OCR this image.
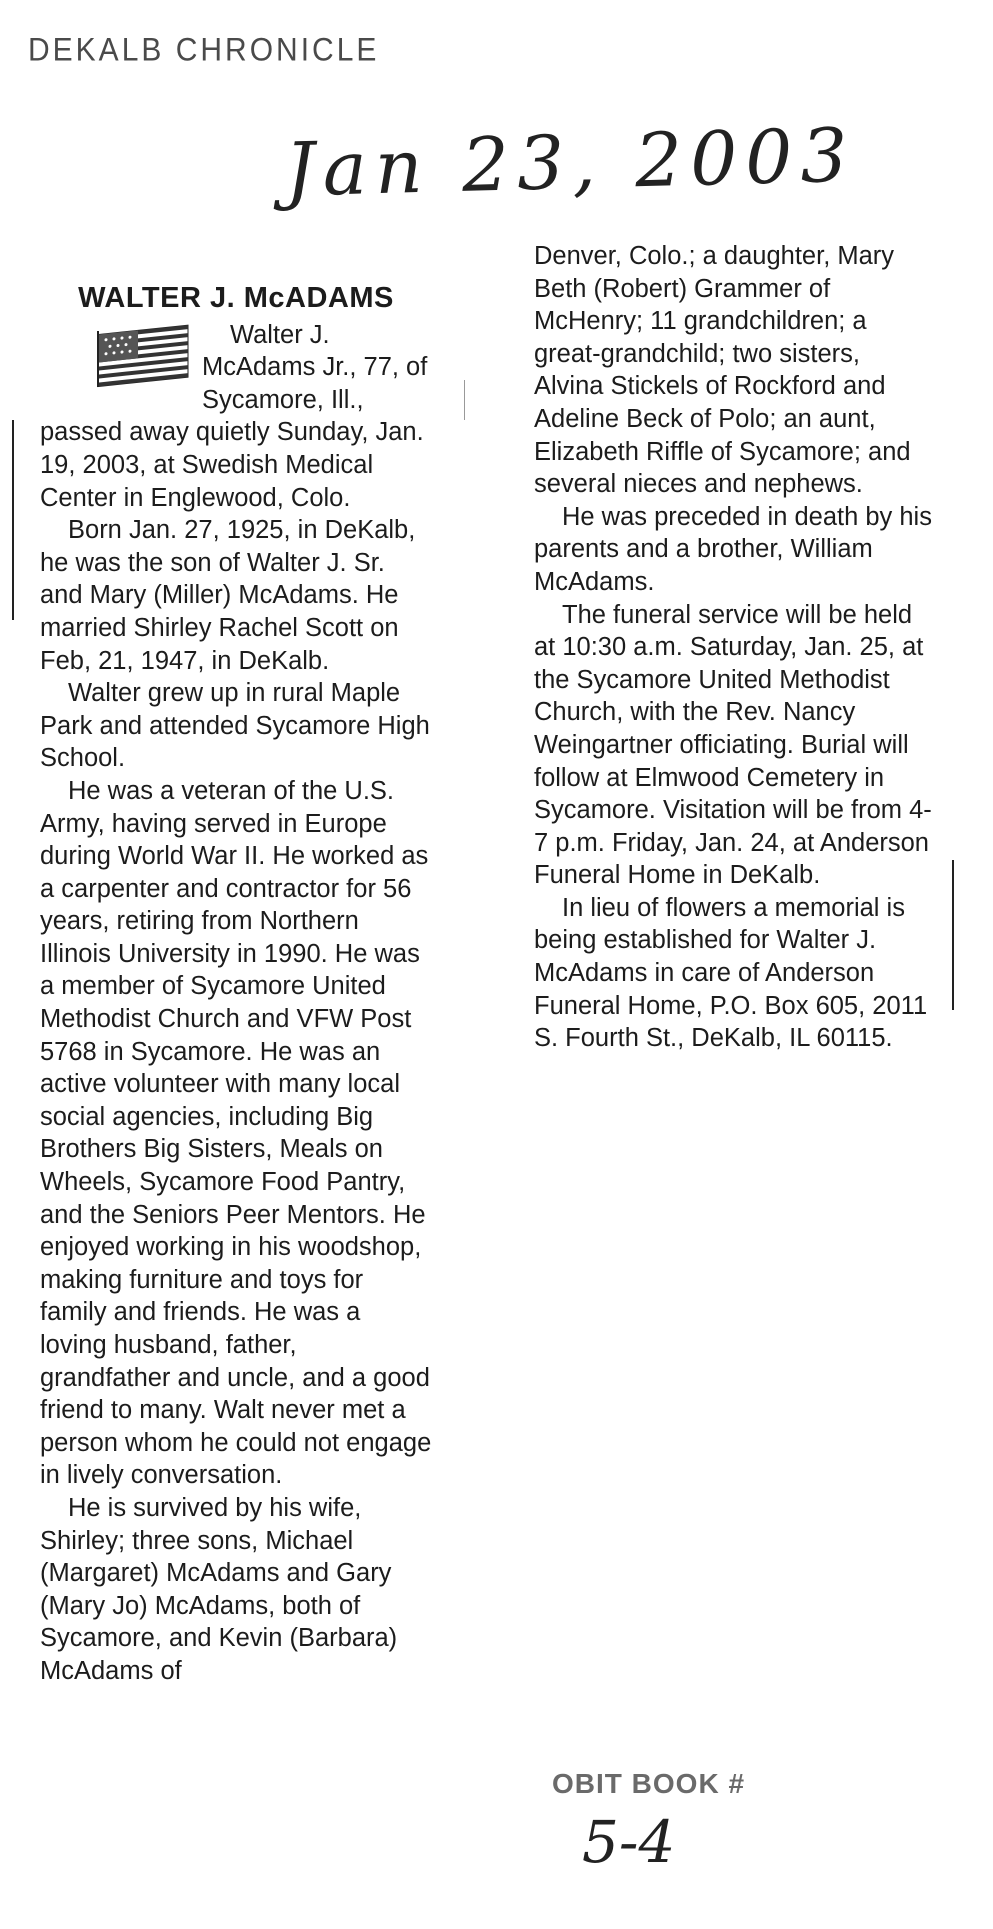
DEKALB CHRONICLE
Jan 23, 2003
WALTER J. McADAMS

Walter J. McAdams Jr., 77, of Sycamore, Ill., passed away quietly Sunday, Jan. 19, 2003, at Swedish Medical Center in Englewood, Colo.

Born Jan. 27, 1925, in DeKalb, he was the son of Walter J. Sr. and Mary (Miller) McAdams. He married Shirley Rachel Scott on Feb, 21, 1947, in DeKalb.

Walter grew up in rural Maple Park and attended Sycamore High School.

He was a veteran of the U.S. Army, having served in Europe during World War II. He worked as a carpenter and contractor for 56 years, retiring from Northern Illinois University in 1990. He was a member of Sycamore United Methodist Church and VFW Post 5768 in Sycamore. He was an active volunteer with many local social agencies, including Big Brothers Big Sisters, Meals on Wheels, Sycamore Food Pantry, and the Seniors Peer Mentors. He enjoyed working in his woodshop, making furniture and toys for family and friends. He was a loving husband, father, grandfather and uncle, and a good friend to many. Walt never met a person whom he could not engage in lively conversation.

He is survived by his wife, Shirley; three sons, Michael (Margaret) McAdams and Gary (Mary Jo) McAdams, both of Sycamore, and Kevin (Barbara) McAdams of

Denver, Colo.; a daughter, Mary Beth (Robert) Grammer of McHenry; 11 grandchildren; a great-grandchild; two sisters, Alvina Stickels of Rockford and Adeline Beck of Polo; an aunt, Elizabeth Riffle of Sycamore; and several nieces and nephews.

He was preceded in death by his parents and a brother, William McAdams.

The funeral service will be held at 10:30 a.m. Saturday, Jan. 25, at the Sycamore United Methodist Church, with the Rev. Nancy Weingartner officiating. Burial will follow at Elmwood Cemetery in Sycamore. Visitation will be from 4-7 p.m. Friday, Jan. 24, at Anderson Funeral Home in DeKalb.

In lieu of flowers a memorial is being established for Walter J. McAdams in care of Anderson Funeral Home, P.O. Box 605, 2011 S. Fourth St., DeKalb, IL 60115.

OBIT BOOK #
5-4
